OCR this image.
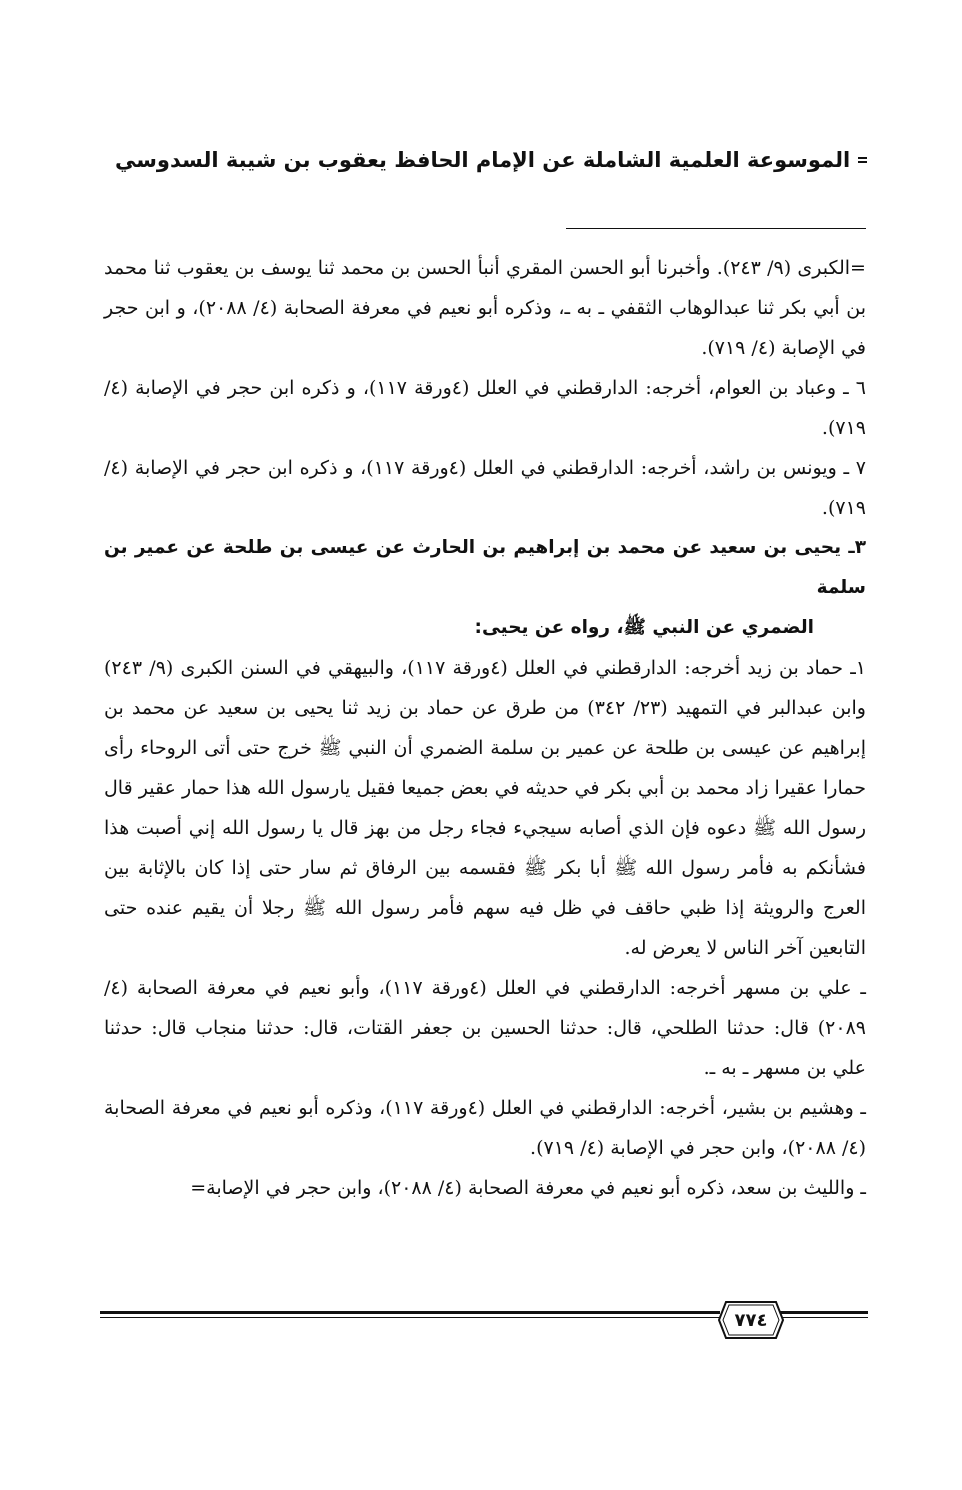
الموسوعة العلمية الشاملة عن الإمام الحافظ يعقوب بن شيبة السدوسي

=الكبرى (٩/ ٢٤٣). وأخبرنا أبو الحسن المقري أنبأ الحسن بن محمد ثنا يوسف بن يعقوب ثنا محمد بن أبي بكر ثنا عبدالوهاب الثقفي ـ به ـ، وذكره أبو نعيم في معرفة الصحابة (٤/ ٢٠٨٨)، و ابن حجر في الإصابة (٤/ ٧١٩).

٦ ـ وعباد بن العوام، أخرجه: الدارقطني في العلل (٤ورقة ١١٧)، و ذكره ابن حجر في الإصابة (٤/ ٧١٩).

٧ ـ ويونس بن راشد، أخرجه: الدارقطني في العلل (٤ورقة ١١٧)، و ذكره ابن حجر في الإصابة (٤/ ٧١٩).

٣ـ يحيى بن سعيد عن محمد بن إبراهيم بن الحارث عن عيسى بن طلحة عن عمير بن سلمة

الضمري عن النبي ﷺ، رواه عن يحيى:

١ـ حماد بن زيد أخرجه: الدارقطني في العلل (٤ورقة ١١٧)، والبيهقي في السنن الكبرى (٩/ ٢٤٣) وابن عبدالبر في التمهيد (٢٣/ ٣٤٢) من طرق عن حماد بن زيد ثنا يحيى بن سعيد عن محمد بن إبراهيم عن عيسى بن طلحة عن عمير بن سلمة الضمري أن النبي ﷺ خرج حتى أتى الروحاء رأى حمارا عقيرا زاد محمد بن أبي بكر في حديثه في بعض جميعا فقيل يارسول الله هذا حمار عقير قال رسول الله ﷺ دعوه فإن الذي أصابه سيجيء فجاء رجل من بهز قال يا رسول الله إني أصبت هذا فشأنكم به فأمر رسول الله ﷺ أبا بكر ﷺ فقسمه بين الرفاق ثم سار حتى إذا كان بالإثابة بين العرج والرويثة إذا ظبي حاقف في ظل فيه سهم فأمر رسول الله ﷺ رجلا أن يقيم عنده حتى التابعين آخر الناس لا يعرض له.

ـ علي بن مسهر أخرجه: الدارقطني في العلل (٤ورقة ١١٧)، وأبو نعيم في معرفة الصحابة (٤/ ٢٠٨٩) قال: حدثنا الطلحي، قال: حدثنا الحسين بن جعفر القتات، قال: حدثنا منجاب قال: حدثنا علي بن مسهر ـ به ـ.

ـ وهشيم بن بشير، أخرجه: الدارقطني في العلل (٤ورقة ١١٧)، وذكره أبو نعيم في معرفة الصحابة (٤/ ٢٠٨٨)، وابن حجر في الإصابة (٤/ ٧١٩).

ـ والليث بن سعد، ذكره أبو نعيم في معرفة الصحابة (٤/ ٢٠٨٨)، وابن حجر في الإصابة=

٧٧٤
